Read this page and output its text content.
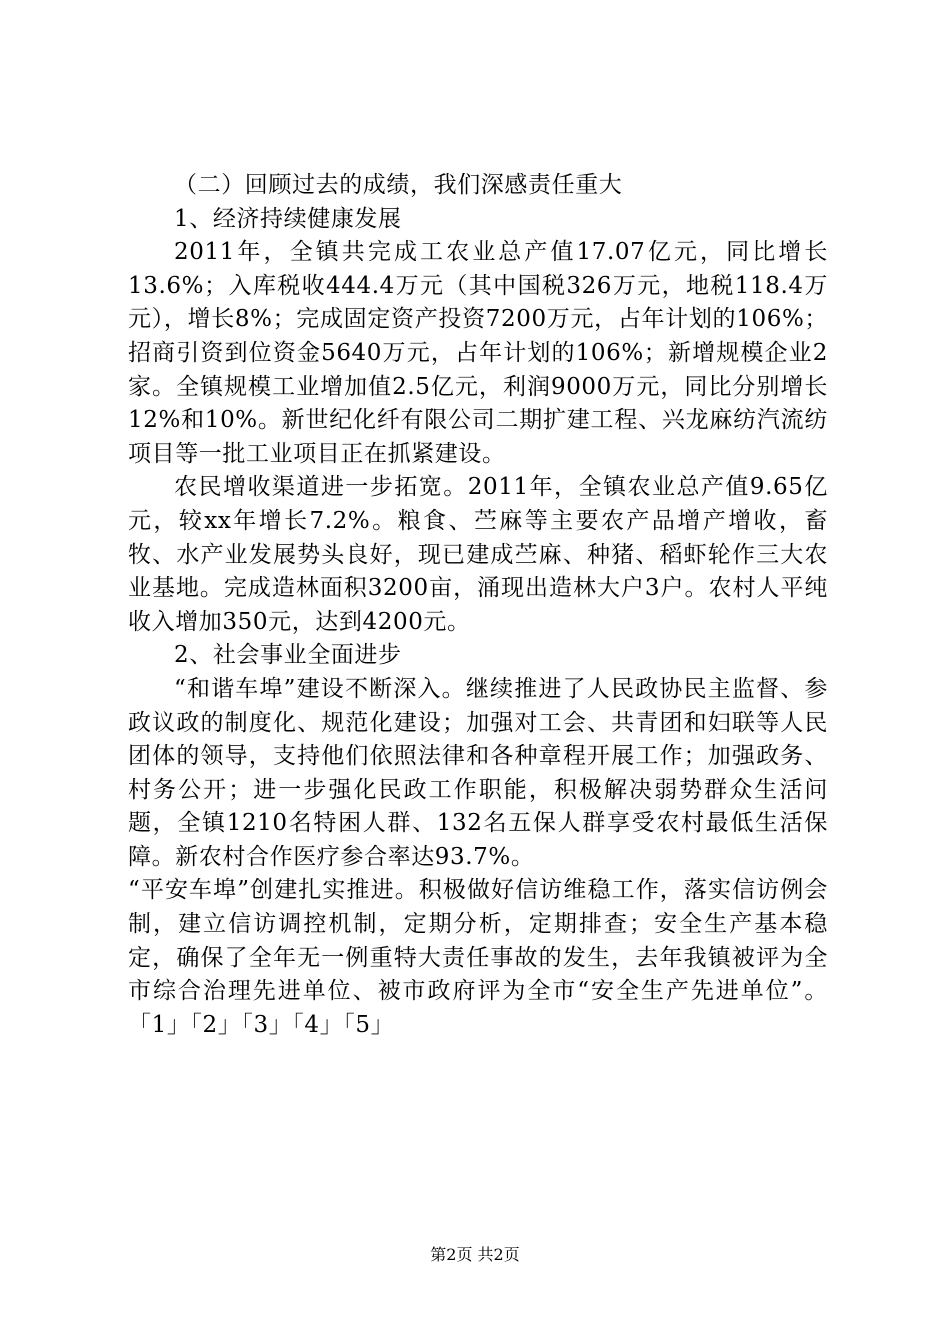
（二）回顾过去的成绩，我们深感责任重大

1、经济持续健康发展

2011年，全镇共完成工农业总产值17.07亿元，同比增长13.6%；入库税收444.4万元（其中国税326万元，地税118.4万元），增长8%；完成固定资产投资7200万元，占年计划的106%；招商引资到位资金5640万元，占年计划的106%；新增规模企业2家。全镇规模工业增加值2.5亿元，利润9000万元，同比分别增长12%和10%。新世纪化纤有限公司二期扩建工程、兴龙麻纺汽流纺项目等一批工业项目正在抓紧建设。

农民增收渠道进一步拓宽。2011年，全镇农业总产值9.65亿元，较xx年增长7.2%。粮食、苎麻等主要农产品增产增收，畜牧、水产业发展势头良好，现已建成苎麻、种猪、稻虾轮作三大农业基地。完成造林面积3200亩，涌现出造林大户3户。农村人平纯收入增加350元，达到4200元。

2、社会事业全面进步

“和谐车埠”建设不断深入。继续推进了人民政协民主监督、参政议政的制度化、规范化建设；加强对工会、共青团和妇联等人民团体的领导，支持他们依照法律和各种章程开展工作；加强政务、村务公开；进一步强化民政工作职能，积极解决弱势群众生活问题，全镇1210名特困人群、132名五保人群享受农村最低生活保障。新农村合作医疗参合率达93.7%。

“平安车埠”创建扎实推进。积极做好信访维稳工作，落实信访例会制，建立信访调控机制，定期分析，定期排查；安全生产基本稳定，确保了全年无一例重特大责任事故的发生，去年我镇被评为全市综合治理先进单位、被市政府评为全市“安全生产先进单位”。「1」「2」「3」「4」「5」

第2页 共2页
